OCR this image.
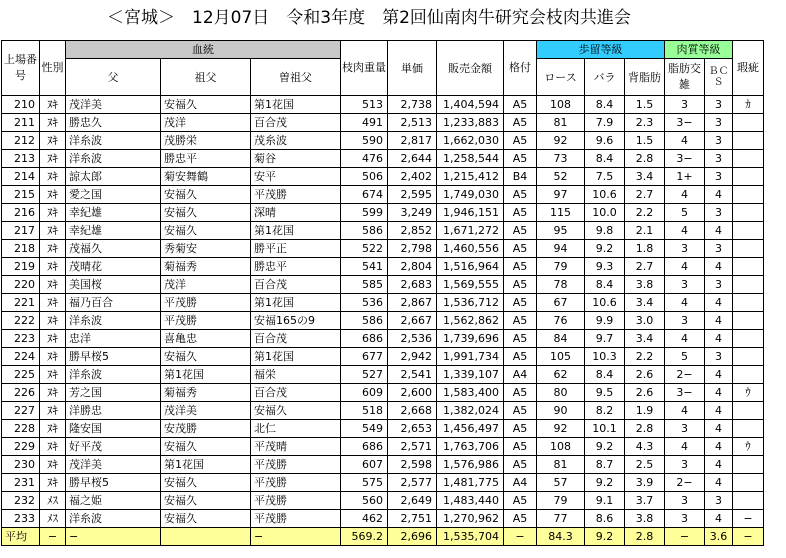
＜宮城＞　12月07日　令和3年度　第2回仙南肉牛研究会枝肉共進会
上場番号	性別	血統			枝肉重量	単価	販売金額	格付	歩留等級			肉質等級		瑕疵
		父	祖父	曽祖父					ロース	バラ	背脂肪	脂肪交雑	ＢＣＳ	
210	ﾇｷ	茂洋美	安福久	第1花国	513	2,738	1,404,594	A5	108	8.4	1.5	3	3	ｶ
211	ﾇｷ	勝忠久	茂洋	百合茂	491	2,513	1,233,883	A5	81	7.9	2.3	3−	3	
212	ﾇｷ	洋糸波	茂勝栄	茂糸波	590	2,817	1,662,030	A5	92	9.6	1.5	4	3	
213	ﾇｷ	洋糸波	勝忠平	菊谷	476	2,644	1,258,544	A5	73	8.4	2.8	3−	3	
214	ﾇｷ	諒太郎	菊安舞鶴	安平	506	2,402	1,215,412	B4	52	7.5	3.4	1+	3	
215	ﾇｷ	愛之国	安福久	平茂勝	674	2,595	1,749,030	A5	97	10.6	2.7	4	4	
216	ﾇｷ	幸紀雄	安福久	深晴	599	3,249	1,946,151	A5	115	10.0	2.2	5	3	
217	ﾇｷ	幸紀雄	安福久	第1花国	586	2,852	1,671,272	A5	95	9.8	2.1	4	4	
218	ﾇｷ	茂福久	秀菊安	勝平正	522	2,798	1,460,556	A5	94	9.2	1.8	3	3	
219	ﾇｷ	茂晴花	菊福秀	勝忠平	541	2,804	1,516,964	A5	79	9.3	2.7	4	4	
220	ﾇｷ	美国桜	茂洋	百合茂	585	2,683	1,569,555	A5	78	8.4	3.8	3	3	
221	ﾇｷ	福乃百合	平茂勝	第1花国	536	2,867	1,536,712	A5	67	10.6	3.4	4	4	
222	ﾇｷ	洋糸波	平茂勝	安福165の9	586	2,667	1,562,862	A5	76	9.9	3.0	3	4	
223	ﾇｷ	忠洋	喜亀忠	百合茂	686	2,536	1,739,696	A5	84	9.7	3.4	4	4	
224	ﾇｷ	勝早桜5	安福久	第1花国	677	2,942	1,991,734	A5	105	10.3	2.2	5	3	
225	ﾇｷ	洋糸波	第1花国	福栄	527	2,541	1,339,107	A4	62	8.4	2.6	2−	4	
226	ﾇｷ	芳之国	菊福秀	百合茂	609	2,600	1,583,400	A5	80	9.5	2.6	3−	4	ｳ
227	ﾇｷ	洋勝忠	茂洋美	安福久	518	2,668	1,382,024	A5	90	8.2	1.9	4	4	
228	ﾇｷ	隆安国	安茂勝	北仁	549	2,653	1,456,497	A5	92	10.1	2.8	3	4	
229	ﾇｷ	好平茂	安福久	平茂晴	686	2,571	1,763,706	A5	108	9.2	4.3	4	4	ｳ
230	ﾇｷ	茂洋美	第1花国	平茂勝	607	2,598	1,576,986	A5	81	8.7	2.5	3	4	
231	ﾇｷ	勝早桜5	安福久	平茂勝	575	2,577	1,481,775	A4	57	9.2	3.9	2−	4	
232	ﾒｽ	福之姫	安福久	平茂勝	560	2,649	1,483,440	A5	79	9.1	3.7	3	3	
233	ﾒｽ	洋糸波	安福久	平茂勝	462	2,751	1,270,962	A5	77	8.6	3.8	3	4	−
平均	−	−		−	569.2	2,696	1,535,704	−	84.3	9.2	2.8	−	3.6	−
